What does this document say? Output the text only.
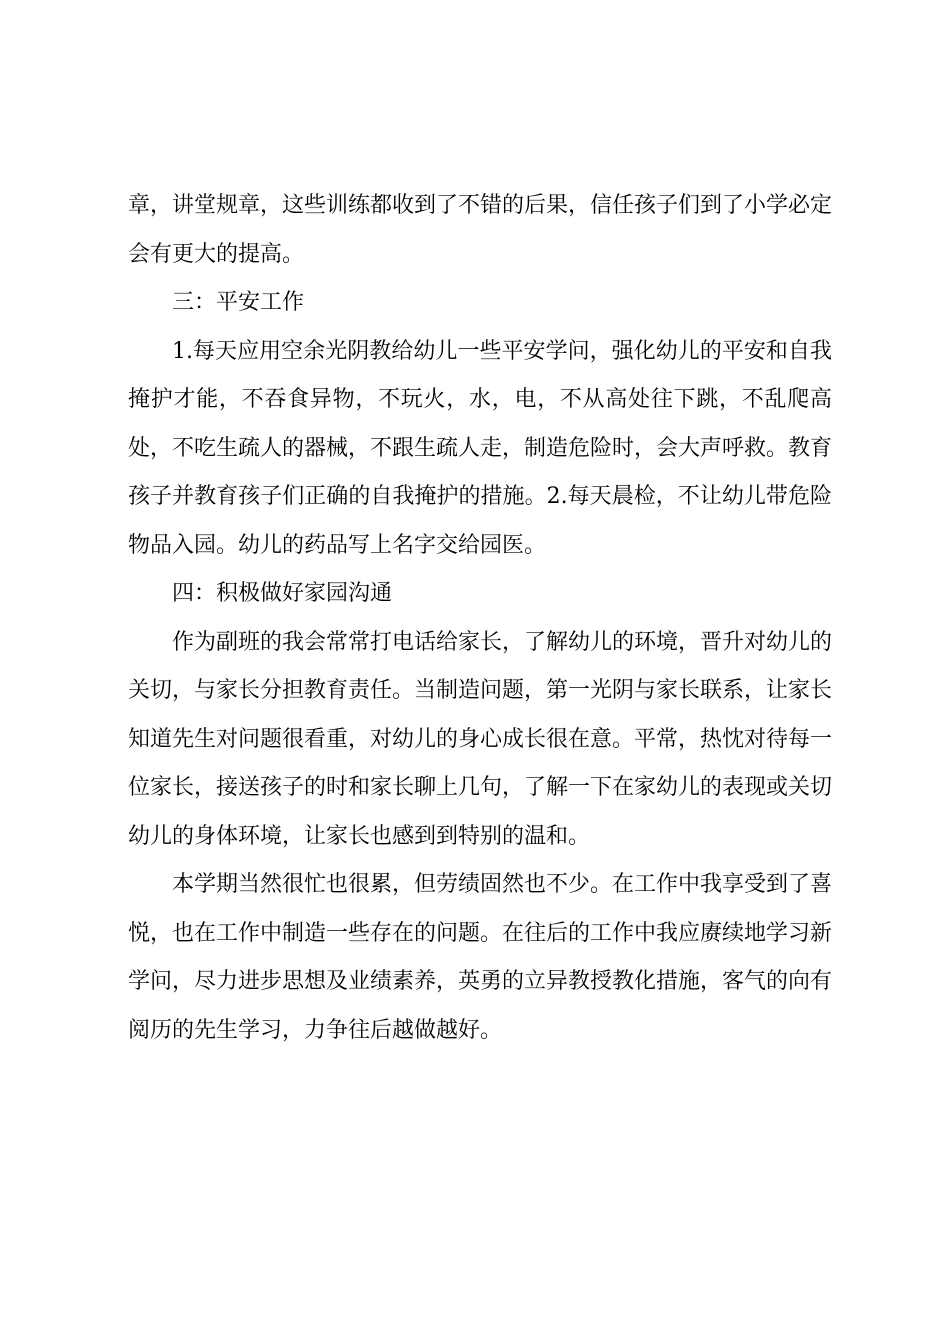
章，讲堂规章，这些训练都收到了不错的后果，信任孩子们到了小学必定会有更大的提高。

三：平安工作

1.每天应用空余光阴教给幼儿一些平安学问，强化幼儿的平安和自我掩护才能，不吞食异物，不玩火，水，电，不从高处往下跳，不乱爬高处，不吃生疏人的器械，不跟生疏人走，制造危险时，会大声呼救。教育孩子并教育孩子们正确的自我掩护的措施。2.每天晨检，不让幼儿带危险物品入园。幼儿的药品写上名字交给园医。

四：积极做好家园沟通

作为副班的我会常常打电话给家长，了解幼儿的环境，晋升对幼儿的关切，与家长分担教育责任。当制造问题，第一光阴与家长联系，让家长知道先生对问题很看重，对幼儿的身心成长很在意。平常，热忱对待每一位家长，接送孩子的时和家长聊上几句，了解一下在家幼儿的表现或关切幼儿的身体环境，让家长也感到到特别的温和。

本学期当然很忙也很累，但劳绩固然也不少。在工作中我享受到了喜悦，也在工作中制造一些存在的问题。在往后的工作中我应赓续地学习新学问，尽力进步思想及业绩素养，英勇的立异教授教化措施，客气的向有阅历的先生学习，力争往后越做越好。
